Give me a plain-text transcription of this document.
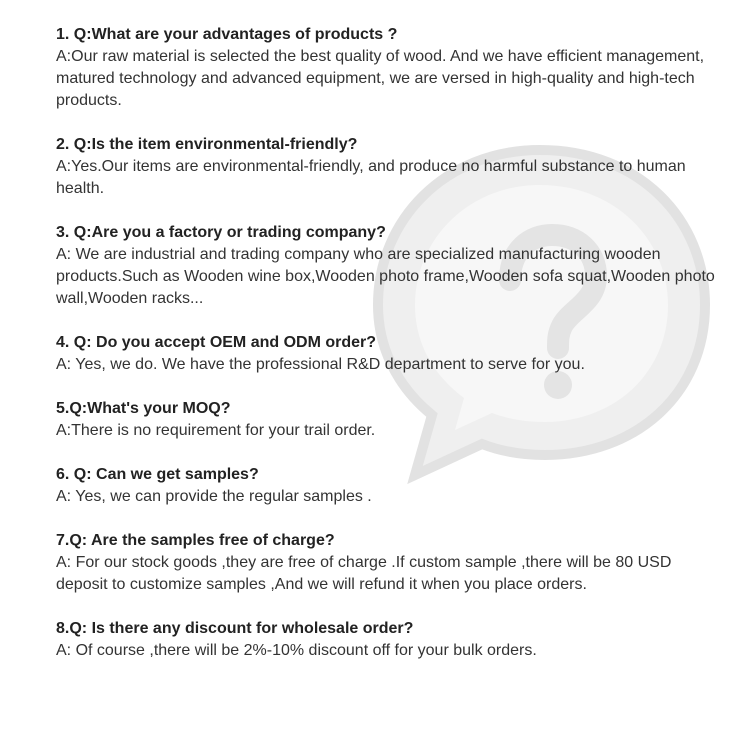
1. Q:What are your advantages of products ?

A:Our raw material is selected the best quality of wood. And we have efficient management, matured technology and advanced equipment, we are versed in high-quality and high-tech products.

2. Q:Is the item environmental-friendly?

A:Yes.Our items are environmental-friendly, and produce no harmful substance to human health.

3. Q:Are you a factory or trading company?

A: We are industrial and trading company who are specialized manufacturing wooden products.Such as Wooden wine box,Wooden photo frame,Wooden sofa squat,Wooden photo wall,Wooden racks...

4. Q: Do you accept OEM and ODM order?

A: Yes, we do. We have the professional R&D department to serve for you.

5.Q:What's your MOQ?

A:There is no requirement for your trail order.

6. Q: Can we get samples?

A: Yes, we can provide the regular samples .

7.Q: Are the samples free of charge?

A: For our stock goods ,they are free of charge .If custom sample ,there will be 80 USD deposit to customize samples ,And we will refund it when you place orders.

8.Q: Is there any discount for wholesale order?

A: Of course ,there will be 2%-10% discount off for your bulk orders.
